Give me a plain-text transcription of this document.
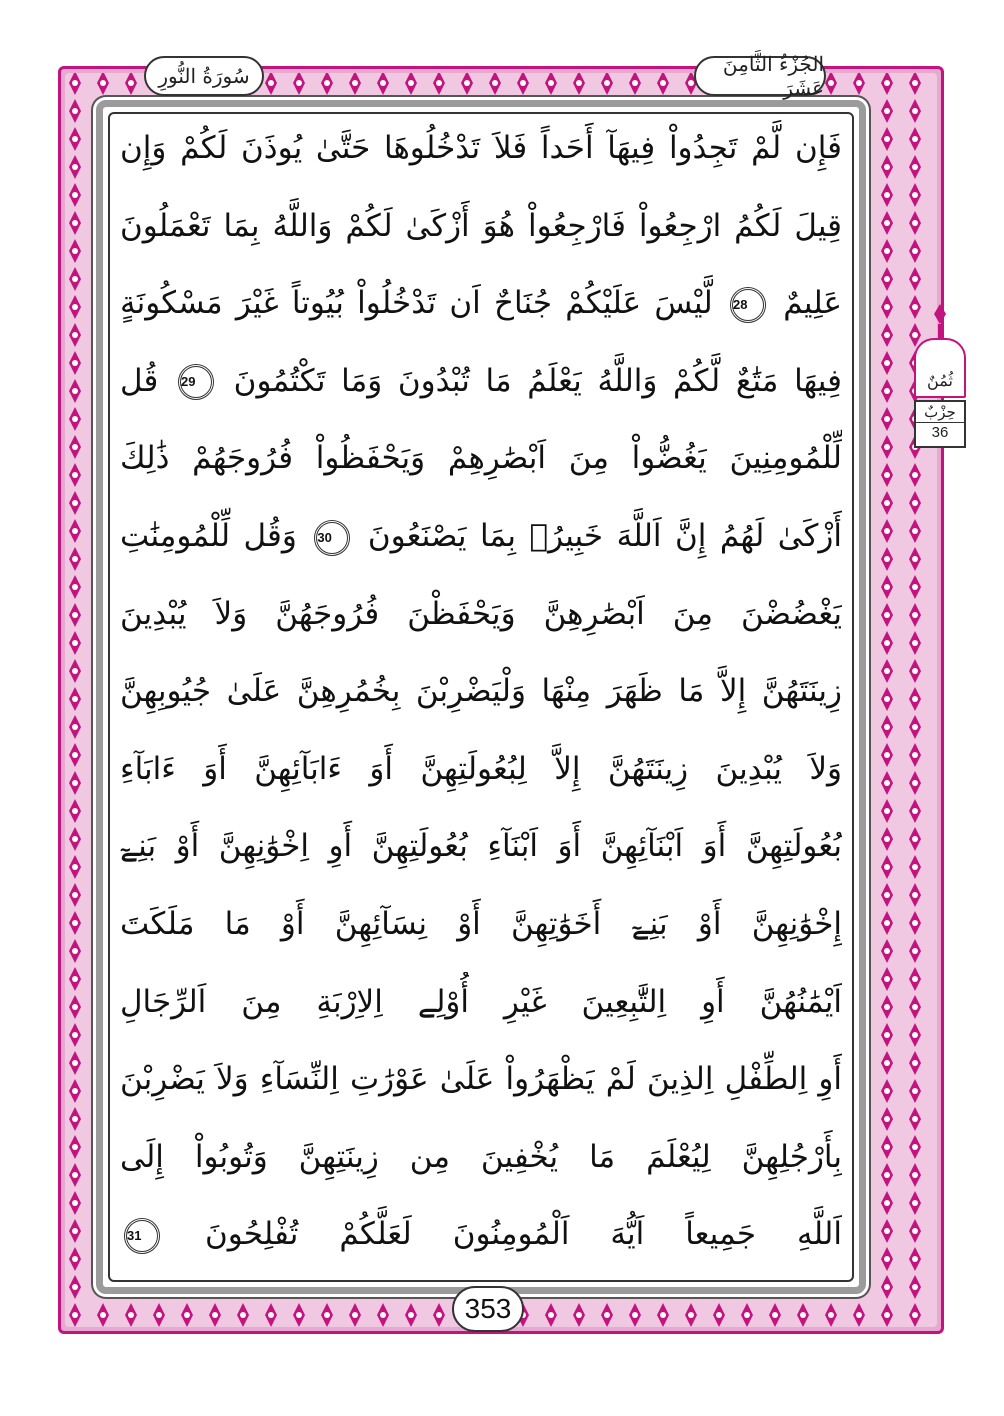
الجُزْءُ الثَّامِنَ عَشَرَ
سُورَةُ النُّورِ
ثُمُنٌ
حِزْبٌ
36
فَإِن لَّمْ تَجِدُواْ فِيهَآ أَحَداً فَلاَ تَدْخُلُوهَا حَتَّىٰ يُوذَنَ لَكُمْ وَإِن
قِيلَ لَكُمُ ارْجِعُواْ فَارْجِعُواْ هُوَ أَزْكَىٰ لَكُمْ وَاللَّهُ بِمَا تَعْمَلُونَ
عَلِيمٌ 28 لَّيْسَ عَلَيْكُمْ جُنَاحٌ اَن تَدْخُلُواْ بُيُوتاً غَيْرَ مَسْكُونَةٍ
فِيهَا مَتَٰعٌ لَّكُمْ وَاللَّهُ يَعْلَمُ مَا تُبْدُونَ وَمَا تَكْتُمُونَ 29 قُل
لِّلْمُومِنِينَ يَغُضُّواْ مِنَ اَبْصَٰرِهِمْ وَيَحْفَظُواْ فُرُوجَهُمْ ذَٰلِكَ
أَزْكَىٰ لَهُمُ إِنَّ اَللَّهَ خَبِيرُۢ بِمَا يَصْنَعُونَ 30 وَقُل لِّلْمُومِنَٰتِ
يَغْضُضْنَ مِنَ اَبْصَٰرِهِنَّ وَيَحْفَظْنَ فُرُوجَهُنَّ وَلاَ يُبْدِينَ
زِينَتَهُنَّ إِلاَّ مَا ظَهَرَ مِنْهَا وَلْيَضْرِبْنَ بِخُمُرِهِنَّ عَلَىٰ جُيُوبِهِنَّ
وَلاَ يُبْدِينَ زِينَتَهُنَّ إِلاَّ لِبُعُولَتِهِنَّ أَوَ ءَابَآئِهِنَّ أَوَ ءَابَآءِ
بُعُولَتِهِنَّ أَوَ اَبْنَآئِهِنَّ أَوَ اَبْنَآءِ بُعُولَتِهِنَّ أَوِ اِخْوَٰنِهِنَّ أَوْ بَنِےٓ
إِخْوَٰنِهِنَّ أَوْ بَنِےٓ أَخَوَٰتِهِنَّ أَوْ نِسَآئِهِنَّ أَوْ مَا مَلَكَتَ
اَيْمَٰنُهُنَّ أَوِ اِلتَّٰبِعِينَ غَيْرِ أُوْلِے اِلاِرْبَةِ مِنَ اَلرِّجَالِ
أَوِ اِلطِّفْلِ اِلذِينَ لَمْ يَظْهَرُواْ عَلَىٰ عَوْرَٰتِ اِلنِّسَآءِ وَلاَ يَضْرِبْنَ
بِأَرْجُلِهِنَّ لِيُعْلَمَ مَا يُخْفِينَ مِن زِينَتِهِنَّ وَتُوبُواْ إِلَى
اَللَّهِ جَمِيعاً اَيُّهَ اَلْمُومِنُونَ لَعَلَّكُمْ تُفْلِحُونَ 31
353
